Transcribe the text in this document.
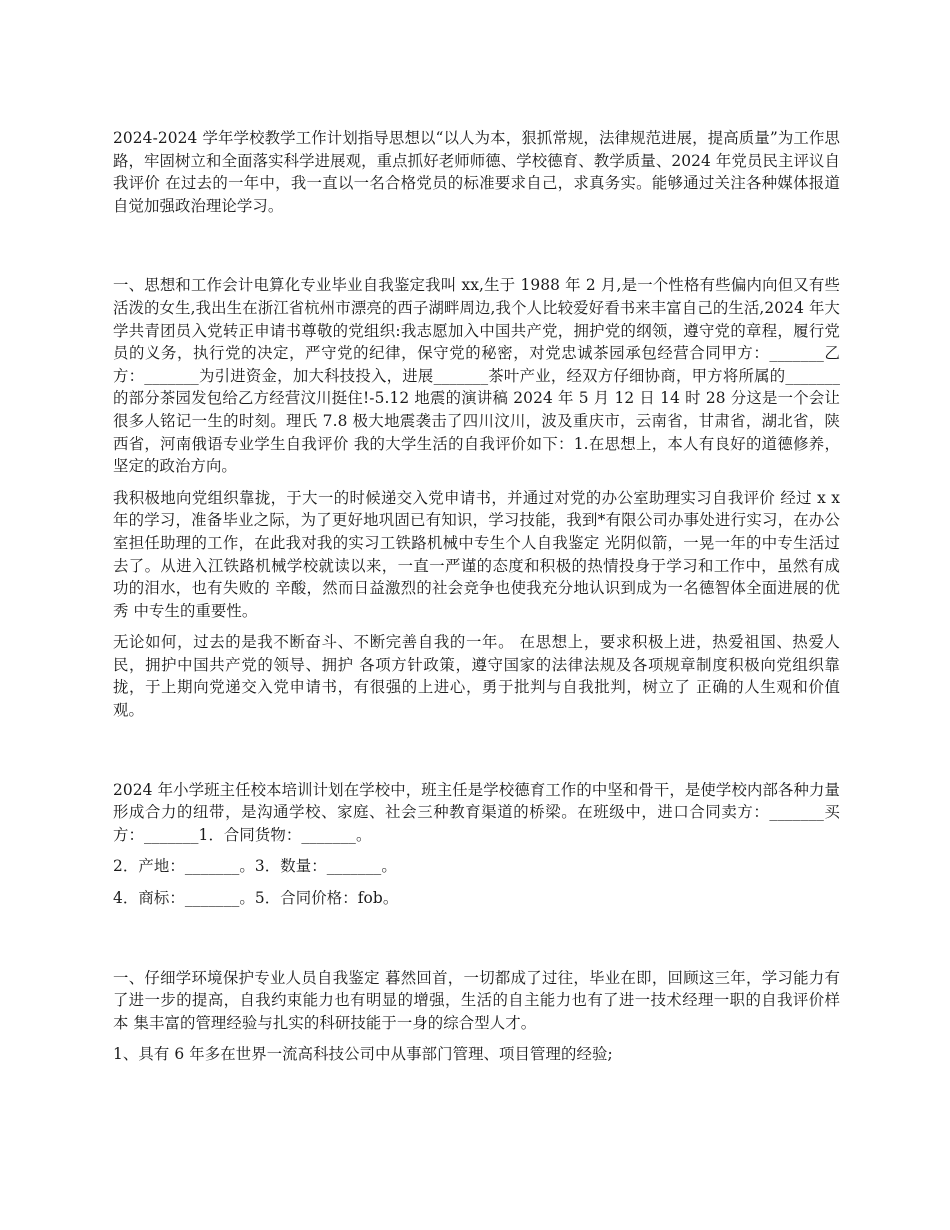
2024-2024 学年学校教学工作计划指导思想以“以人为本，狠抓常规，法律规范进展，提高质量”为工作思路，牢固树立和全面落实科学进展观，重点抓好老师师德、学校德育、教学质量、2024 年党员民主评议自我评价 在过去的一年中，我一直以一名合格党员的标准要求自己，求真务实。能够通过关注各种媒体报道自觉加强政治理论学习。

一、思想和工作会计电算化专业毕业自我鉴定我叫 xx,生于 1988 年 2 月,是一个性格有些偏内向但又有些活泼的女生,我出生在浙江省杭州市漂亮的西子湖畔周边,我个人比较爱好看书来丰富自己的生活,2024 年大学共青团员入党转正申请书尊敬的党组织:我志愿加入中国共产党，拥护党的纲领，遵守党的章程，履行党员的义务，执行党的决定，严守党的纪律，保守党的秘密，对党忠诚茶园承包经营合同甲方：_______乙方：_______为引进资金，加大科技投入，进展_______茶叶产业，经双方仔细协商，甲方将所属的_______的部分茶园发包给乙方经营汶川挺住!-5.12 地震的演讲稿 2024 年 5 月 12 日 14 时 28 分这是一个会让很多人铭记一生的时刻。理氏 7.8 极大地震袭击了四川汶川，波及重庆市，云南省，甘肃省，湖北省，陕西省，河南俄语专业学生自我评价 我的大学生活的自我评价如下：1.在思想上，本人有良好的道德修养，坚定的政治方向。

我积极地向党组织靠拢，于大一的时候递交入党申请书，并通过对党的办公室助理实习自我评价 经过 x x 年的学习，准备毕业之际，为了更好地巩固已有知识，学习技能，我到*有限公司办事处进行实习，在办公室担任助理的工作，在此我对我的实习工铁路机械中专生个人自我鉴定 光阴似箭，一晃一年的中专生活过去了。从进入江铁路机械学校就读以来，一直一严谨的态度和积极的热情投身于学习和工作中，虽然有成功的泪水，也有失败的 辛酸，然而日益激烈的社会竞争也使我充分地认识到成为一名德智体全面进展的优秀 中专生的重要性。

无论如何，过去的是我不断奋斗、不断完善自我的一年。 在思想上，要求积极上进，热爱祖国、热爱人民，拥护中国共产党的领导、拥护 各项方针政策，遵守国家的法律法规及各项规章制度积极向党组织靠拢，于上期向党递交入党申请书，有很强的上进心，勇于批判与自我批判，树立了 正确的人生观和价值观。

2024 年小学班主任校本培训计划在学校中，班主任是学校德育工作的中坚和骨干，是使学校内部各种力量形成合力的纽带，是沟通学校、家庭、社会三种教育渠道的桥梁。在班级中，进口合同卖方：_______买方：_______1．合同货物：_______。

2．产地：_______。3．数量：_______。

4．商标：_______。5．合同价格：fob。

一、仔细学环境保护专业人员自我鉴定 暮然回首，一切都成了过往，毕业在即，回顾这三年，学习能力有了进一步的提高，自我约束能力也有明显的增强，生活的自主能力也有了进一技术经理一职的自我评价样本 集丰富的管理经验与扎实的科研技能于一身的综合型人才。

1、具有 6 年多在世界一流高科技公司中从事部门管理、项目管理的经验;
